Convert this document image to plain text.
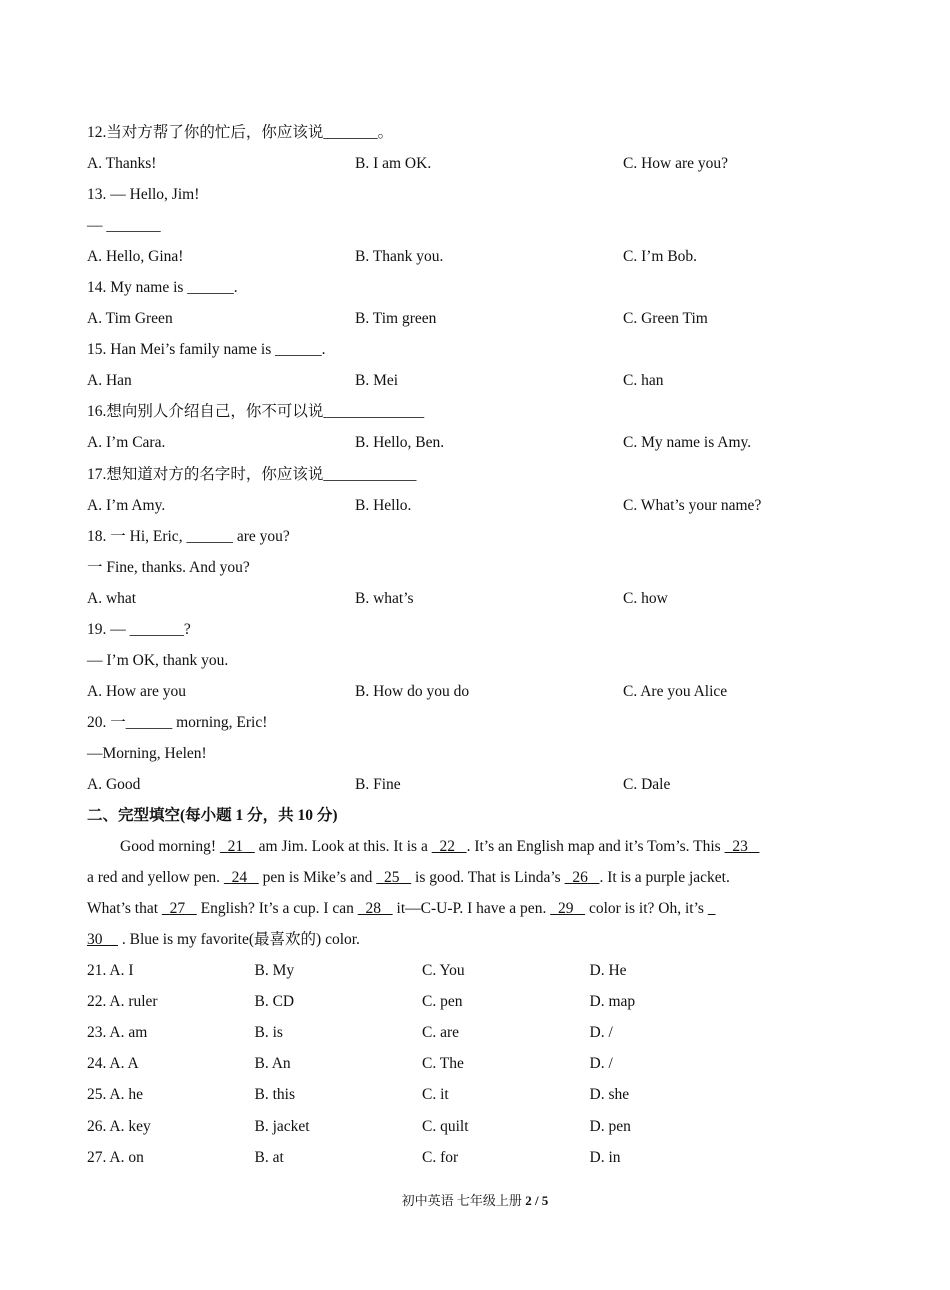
12.当对方帮了你的忙后，你应该说_______。
A. Thanks!	B. I am OK.	C. How are you?
13. — Hello, Jim!
— _______
A. Hello, Gina!	B. Thank you.	C. I’m Bob.
14. My name is ______.
A. Tim Green	B. Tim green	C. Green Tim
15. Han Mei’s family name is ______.
A. Han	B. Mei	C. han
16.想向别人介绍自己，你不可以说_____________
A. I’m Cara.	B. Hello, Ben.	C. My name is Amy.
17.想知道对方的名字时，你应该说____________
A. I’m Amy.	B. Hello.	C. What’s your name?
18. 一 Hi, Eric, ______ are you?
一 Fine, thanks. And you?
A. what	B. what’s	C. how
19. — _______?
— I’m OK, thank you.
A. How are you	B. How do you do	C. Are you Alice
20. 一______ morning, Eric!
—Morning, Helen!
A. Good	B. Fine	C. Dale
二、完型填空(每小题 1 分，共 10 分)
Good morning!   21    am Jim. Look at this. It is a   22 . It’s an English map and it’s Tom’s. This   23
a red and yellow pen.   24    pen is Mike’s and   25    is good. That is Linda’s   26 . It is a purple jacket.
What’s that   27    English? It’s a cup. I can   28    it—C-U-P. I have a pen.   29    color is it? Oh, it’s
30     . Blue is my favorite(最喜欢的) color.
21. A. I	B. My	C. You	D. He
22. A. ruler	B. CD	C. pen	D. map
23. A. am	B. is	C. are	D. /
24. A. A	B. An	C. The	D. /
25. A. he	B. this	C. it	D. she
26. A. key	B. jacket	C. quilt	D. pen
27. A. on	B. at	C. for	D. in
初中英语 七年级上册 2 / 5
